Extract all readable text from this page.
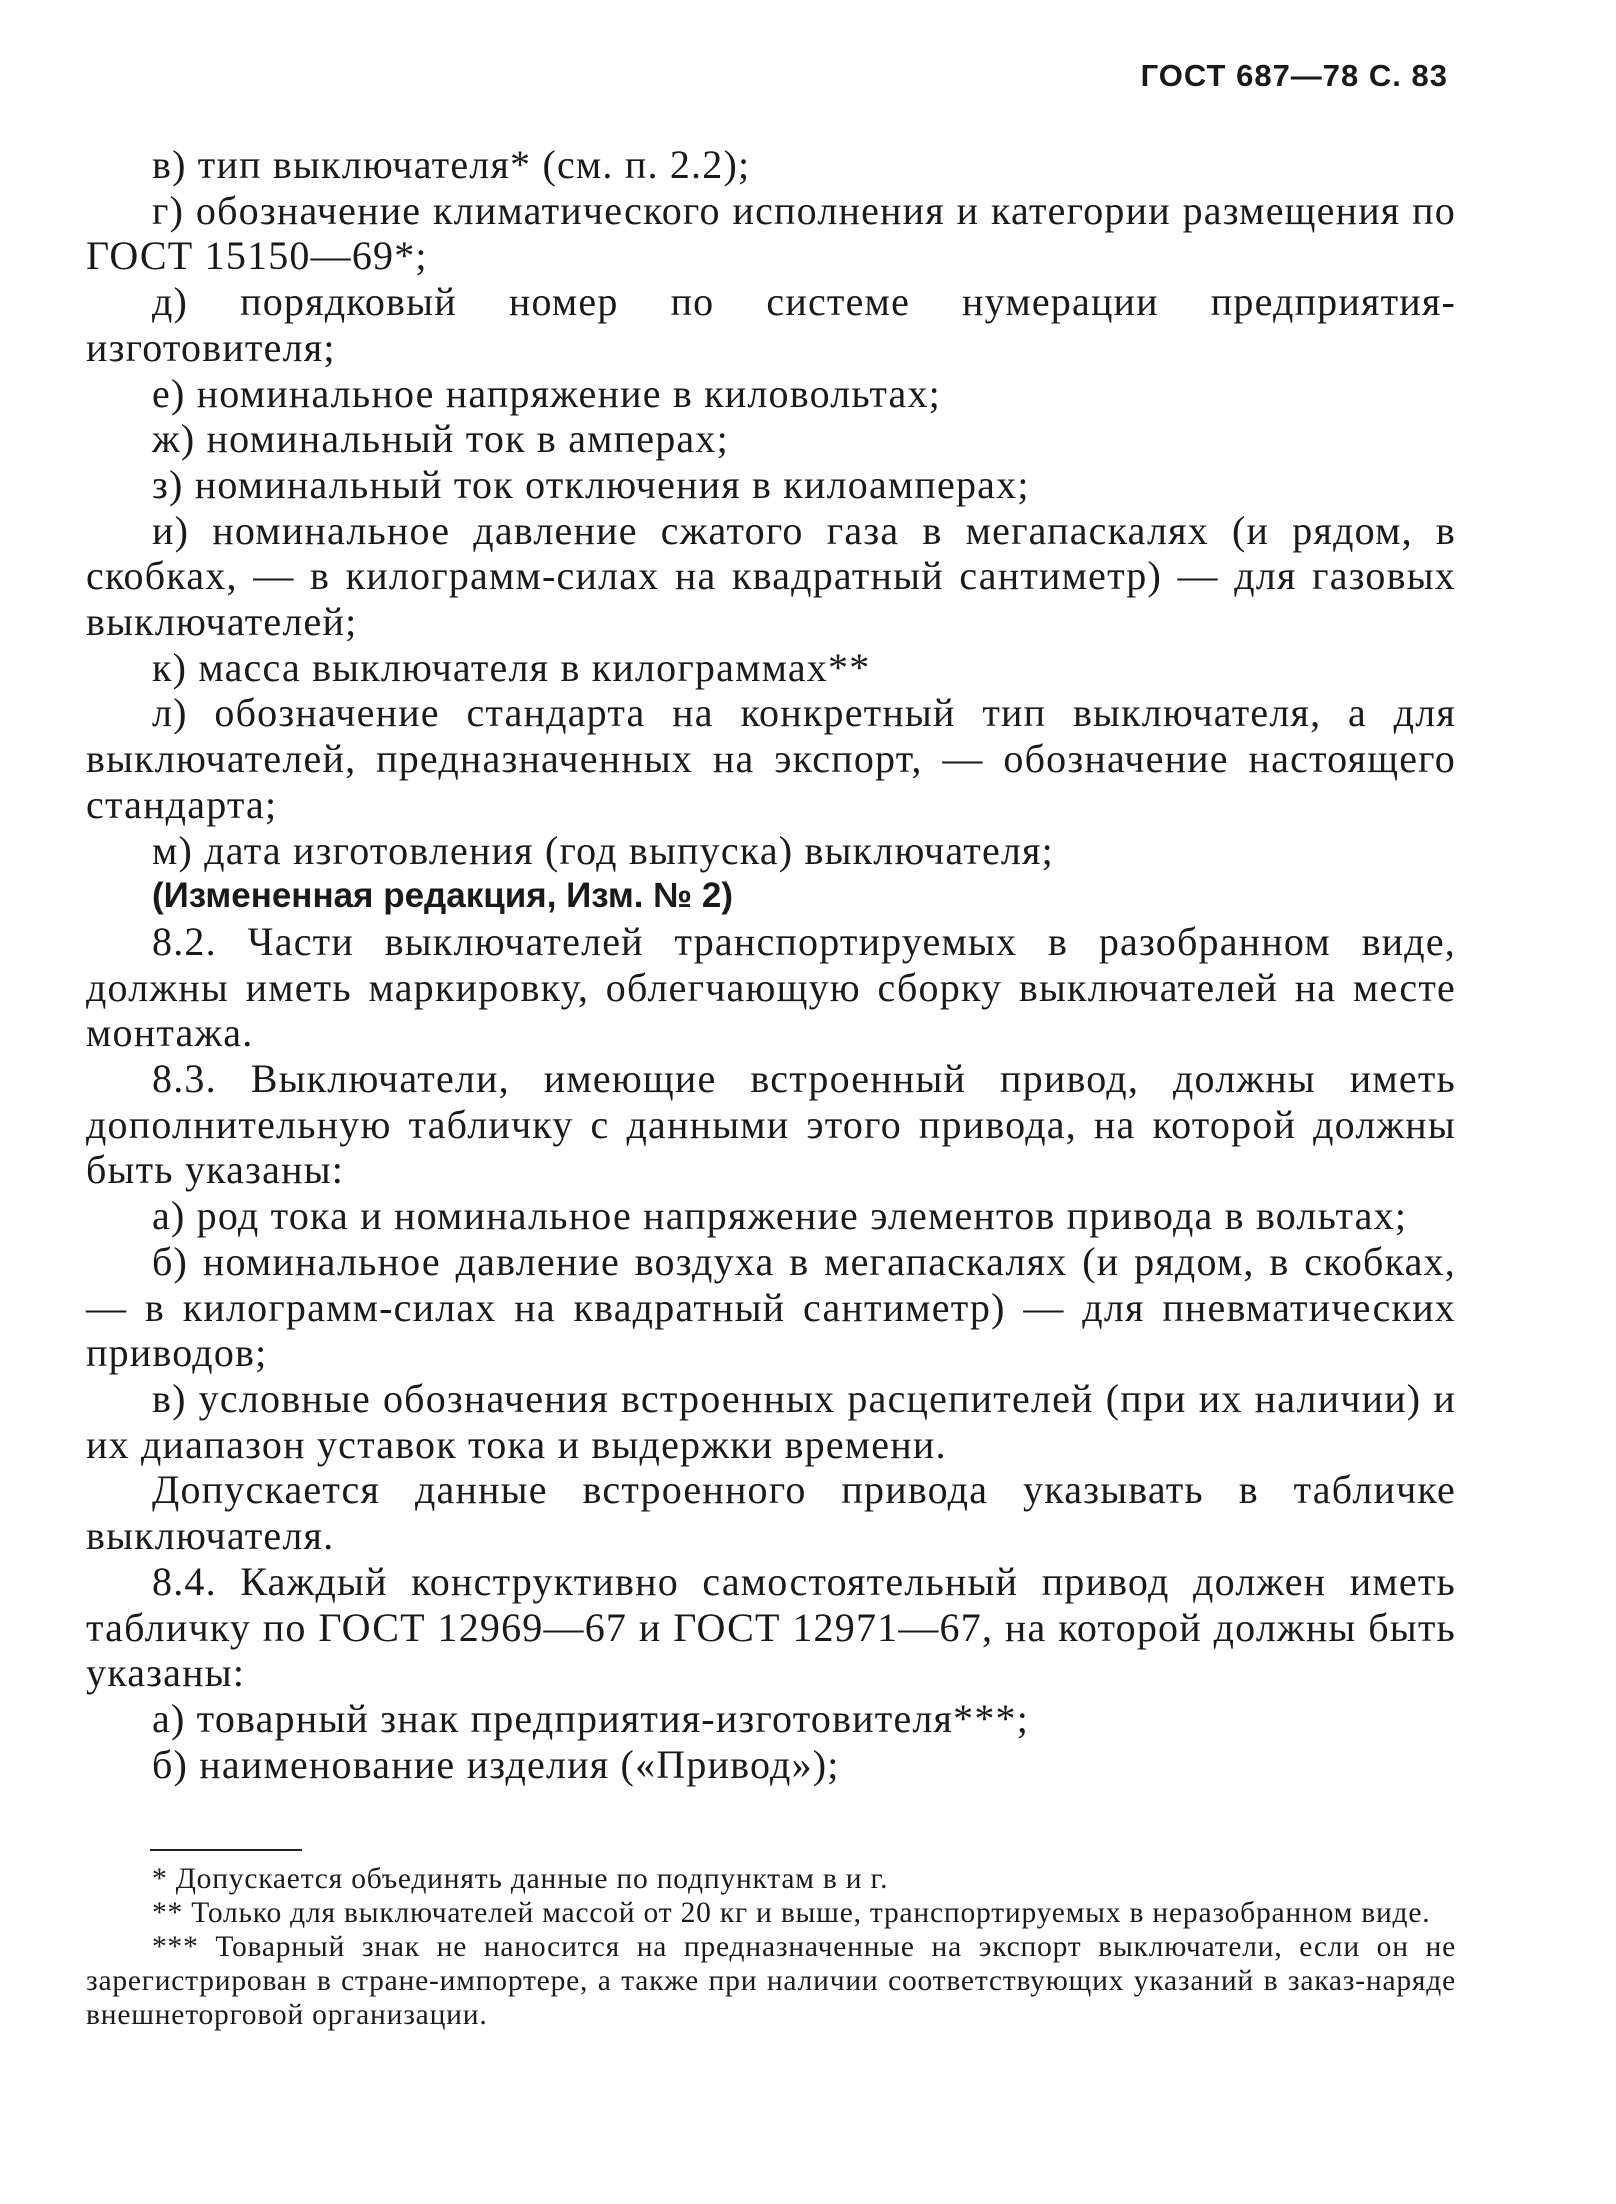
ГОСТ 687—78 С. 83

в) тип выключателя* (см. п. 2.2);

г) обозначение климатического исполнения и категории размещения по ГОСТ 15150—69*;

д) порядковый номер по системе нумерации предприятия-изготовителя;

е) номинальное напряжение в киловольтах;

ж) номинальный ток в амперах;

з) номинальный ток отключения в килоамперах;

и) номинальное давление сжатого газа в мегапаскалях (и рядом, в скобках, — в килограмм-силах на квадратный сантиметр) — для газовых выключателей;

к) масса выключателя в килограммах**

л) обозначение стандарта на конкретный тип выключателя, а для выключателей, предназначенных на экспорт, — обозначение настоящего стандарта;

м) дата изготовления (год выпуска) выключателя;

(Измененная редакция, Изм. № 2)

8.2. Части выключателей транспортируемых в разобранном виде, должны иметь маркировку, облегчающую сборку выключателей на месте монтажа.

8.3. Выключатели, имеющие встроенный привод, должны иметь дополнительную табличку с данными этого привода, на которой должны быть указаны:

а) род тока и номинальное напряжение элементов привода в вольтах;

б) номинальное давление воздуха в мегапаскалях (и рядом, в скобках, — в килограмм-силах на квадратный сантиметр) — для пневматических приводов;

в) условные обозначения встроенных расцепителей (при их наличии) и их диапазон уставок тока и выдержки времени.

Допускается данные встроенного привода указывать в табличке выключателя.

8.4. Каждый конструктивно самостоятельный привод должен иметь табличку по ГОСТ 12969—67 и ГОСТ 12971—67, на которой должны быть указаны:

а) товарный знак предприятия-изготовителя***;

б) наименование изделия («Привод»);

* Допускается объединять данные по подпунктам в и г.

** Только для выключателей массой от 20 кг и выше, транспортируемых в неразобранном виде.

*** Товарный знак не наносится на предназначенные на экспорт выключатели, если он не зарегистрирован в стране-импортере, а также при наличии соответствующих указаний в заказ-наряде внешнеторговой организации.
